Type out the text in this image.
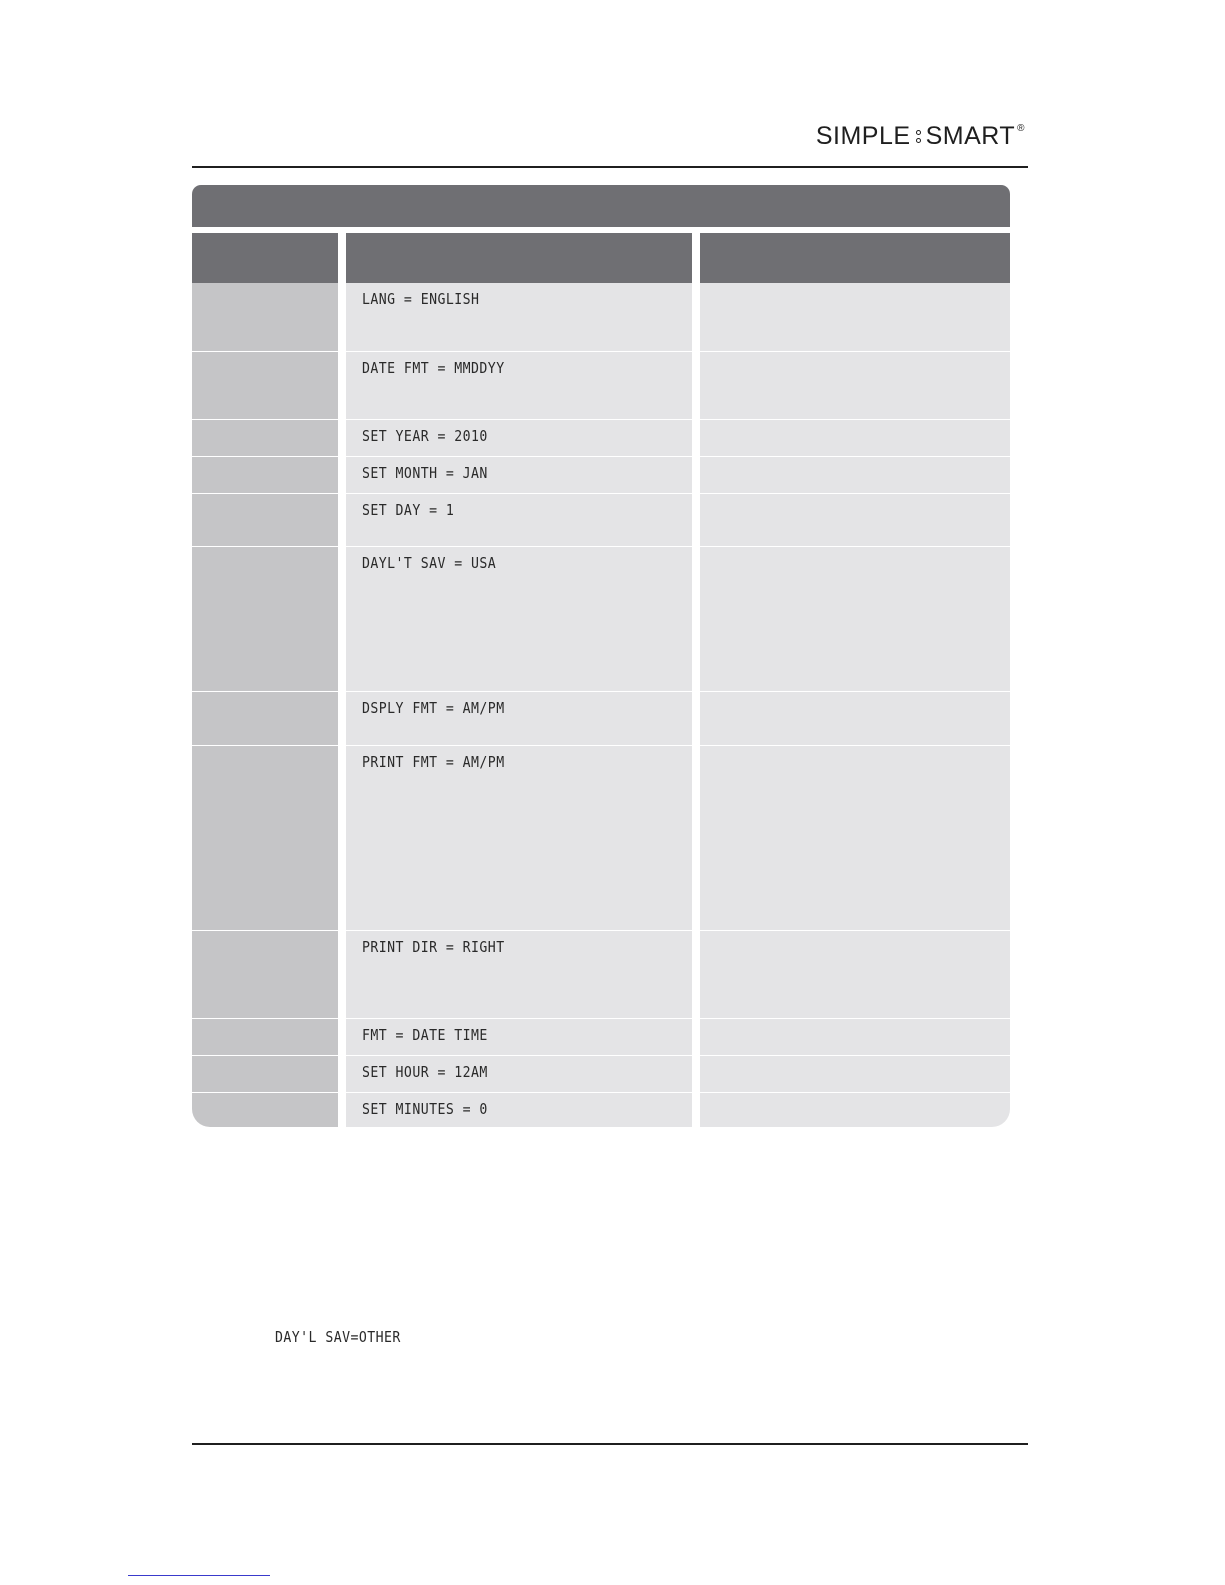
SIMPLE SMART ®
LANG = ENGLISH
DATE FMT = MMDDYY
SET YEAR = 2010
SET MONTH = JAN
SET DAY = 1
DAYL'T SAV = USA
DSPLY FMT = AM/PM
PRINT FMT = AM/PM
PRINT DIR = RIGHT
FMT = DATE TIME
SET HOUR = 12AM
SET MINUTES = 0
DAY'L SAV=OTHER
